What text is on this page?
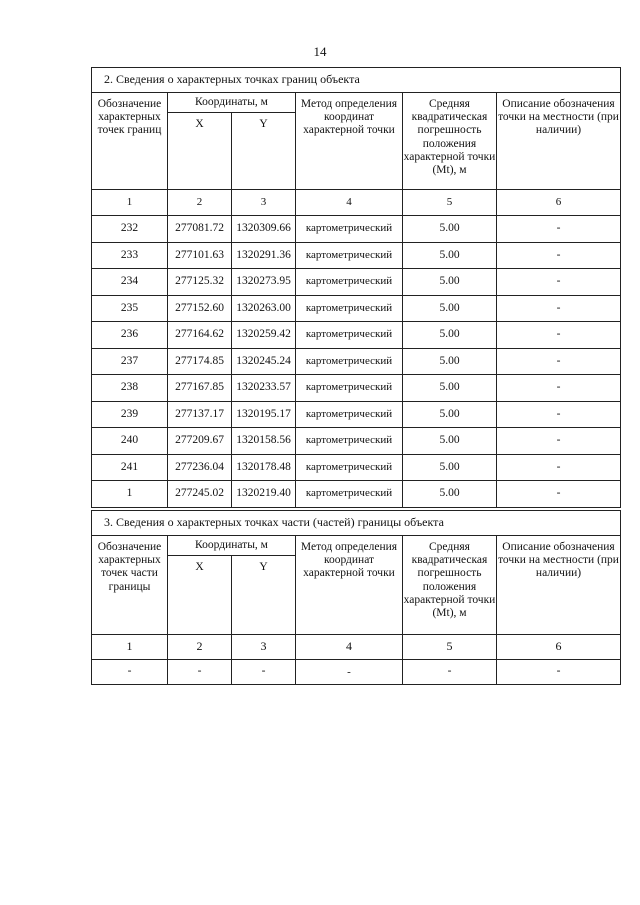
14
2. Сведения о характерных точках границ объекта					
Обозначение характерных точек границ	Координаты, м		Метод определения координат характерной точки	Средняя квадратическая погрешность положения характерной точки (Mt), м	Описание обозначения точки на местности (при наличии)
	X	Y			
1	2	3	4	5	6
232	277081.72	1320309.66	картометрический	5.00	-
233	277101.63	1320291.36	картометрический	5.00	-
234	277125.32	1320273.95	картометрический	5.00	-
235	277152.60	1320263.00	картометрический	5.00	-
236	277164.62	1320259.42	картометрический	5.00	-
237	277174.85	1320245.24	картометрический	5.00	-
238	277167.85	1320233.57	картометрический	5.00	-
239	277137.17	1320195.17	картометрический	5.00	-
240	277209.67	1320158.56	картометрический	5.00	-
241	277236.04	1320178.48	картометрический	5.00	-
1	277245.02	1320219.40	картометрический	5.00	-
3. Сведения о характерных точках части (частей) границы объекта					
Обозначение характерных точек части границы	Координаты, м		Метод определения координат характерной точки	Средняя квадратическая погрешность положения характерной точки (Mt), м	Описание обозначения точки на местности (при наличии)
	X	Y			
1	2	3	4	5	6
-	-	-	-	-	-
